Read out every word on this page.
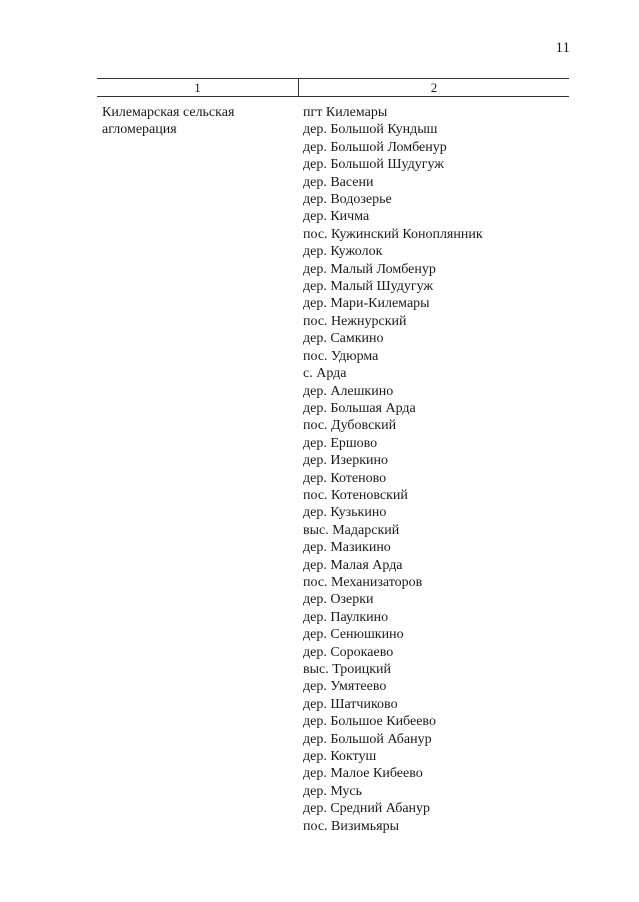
11
1	2
Килемарская сельская
агломерация
пгт Килемары
дер. Большой Кундыш
дер. Большой Ломбенур
дер. Большой Шудугуж
дер. Васени
дер. Водозерье
дер. Кичма
пос. Кужинский Коноплянник
дер. Кужолок
дер. Малый Ломбенур
дер. Малый Шудугуж
дер. Мари-Килемары
пос. Нежнурский
дер. Самкино
пос. Удюрма
с. Арда
дер. Алешкино
дер. Большая Арда
пос. Дубовский
дер. Ершово
дер. Изеркино
дер. Котеново
пос. Котеновский
дер. Кузькино
выс. Мадарский
дер. Мазикино
дер. Малая Арда
пос. Механизаторов
дер. Озерки
дер. Паулкино
дер. Сенюшкино
дер. Сорокаево
выс. Троицкий
дер. Умятеево
дер. Шатчиково
дер. Большое Кибеево
дер. Большой Абанур
дер. Коктуш
дер. Малое Кибеево
дер. Мусь
дер. Средний Абанур
пос. Визимьяры
